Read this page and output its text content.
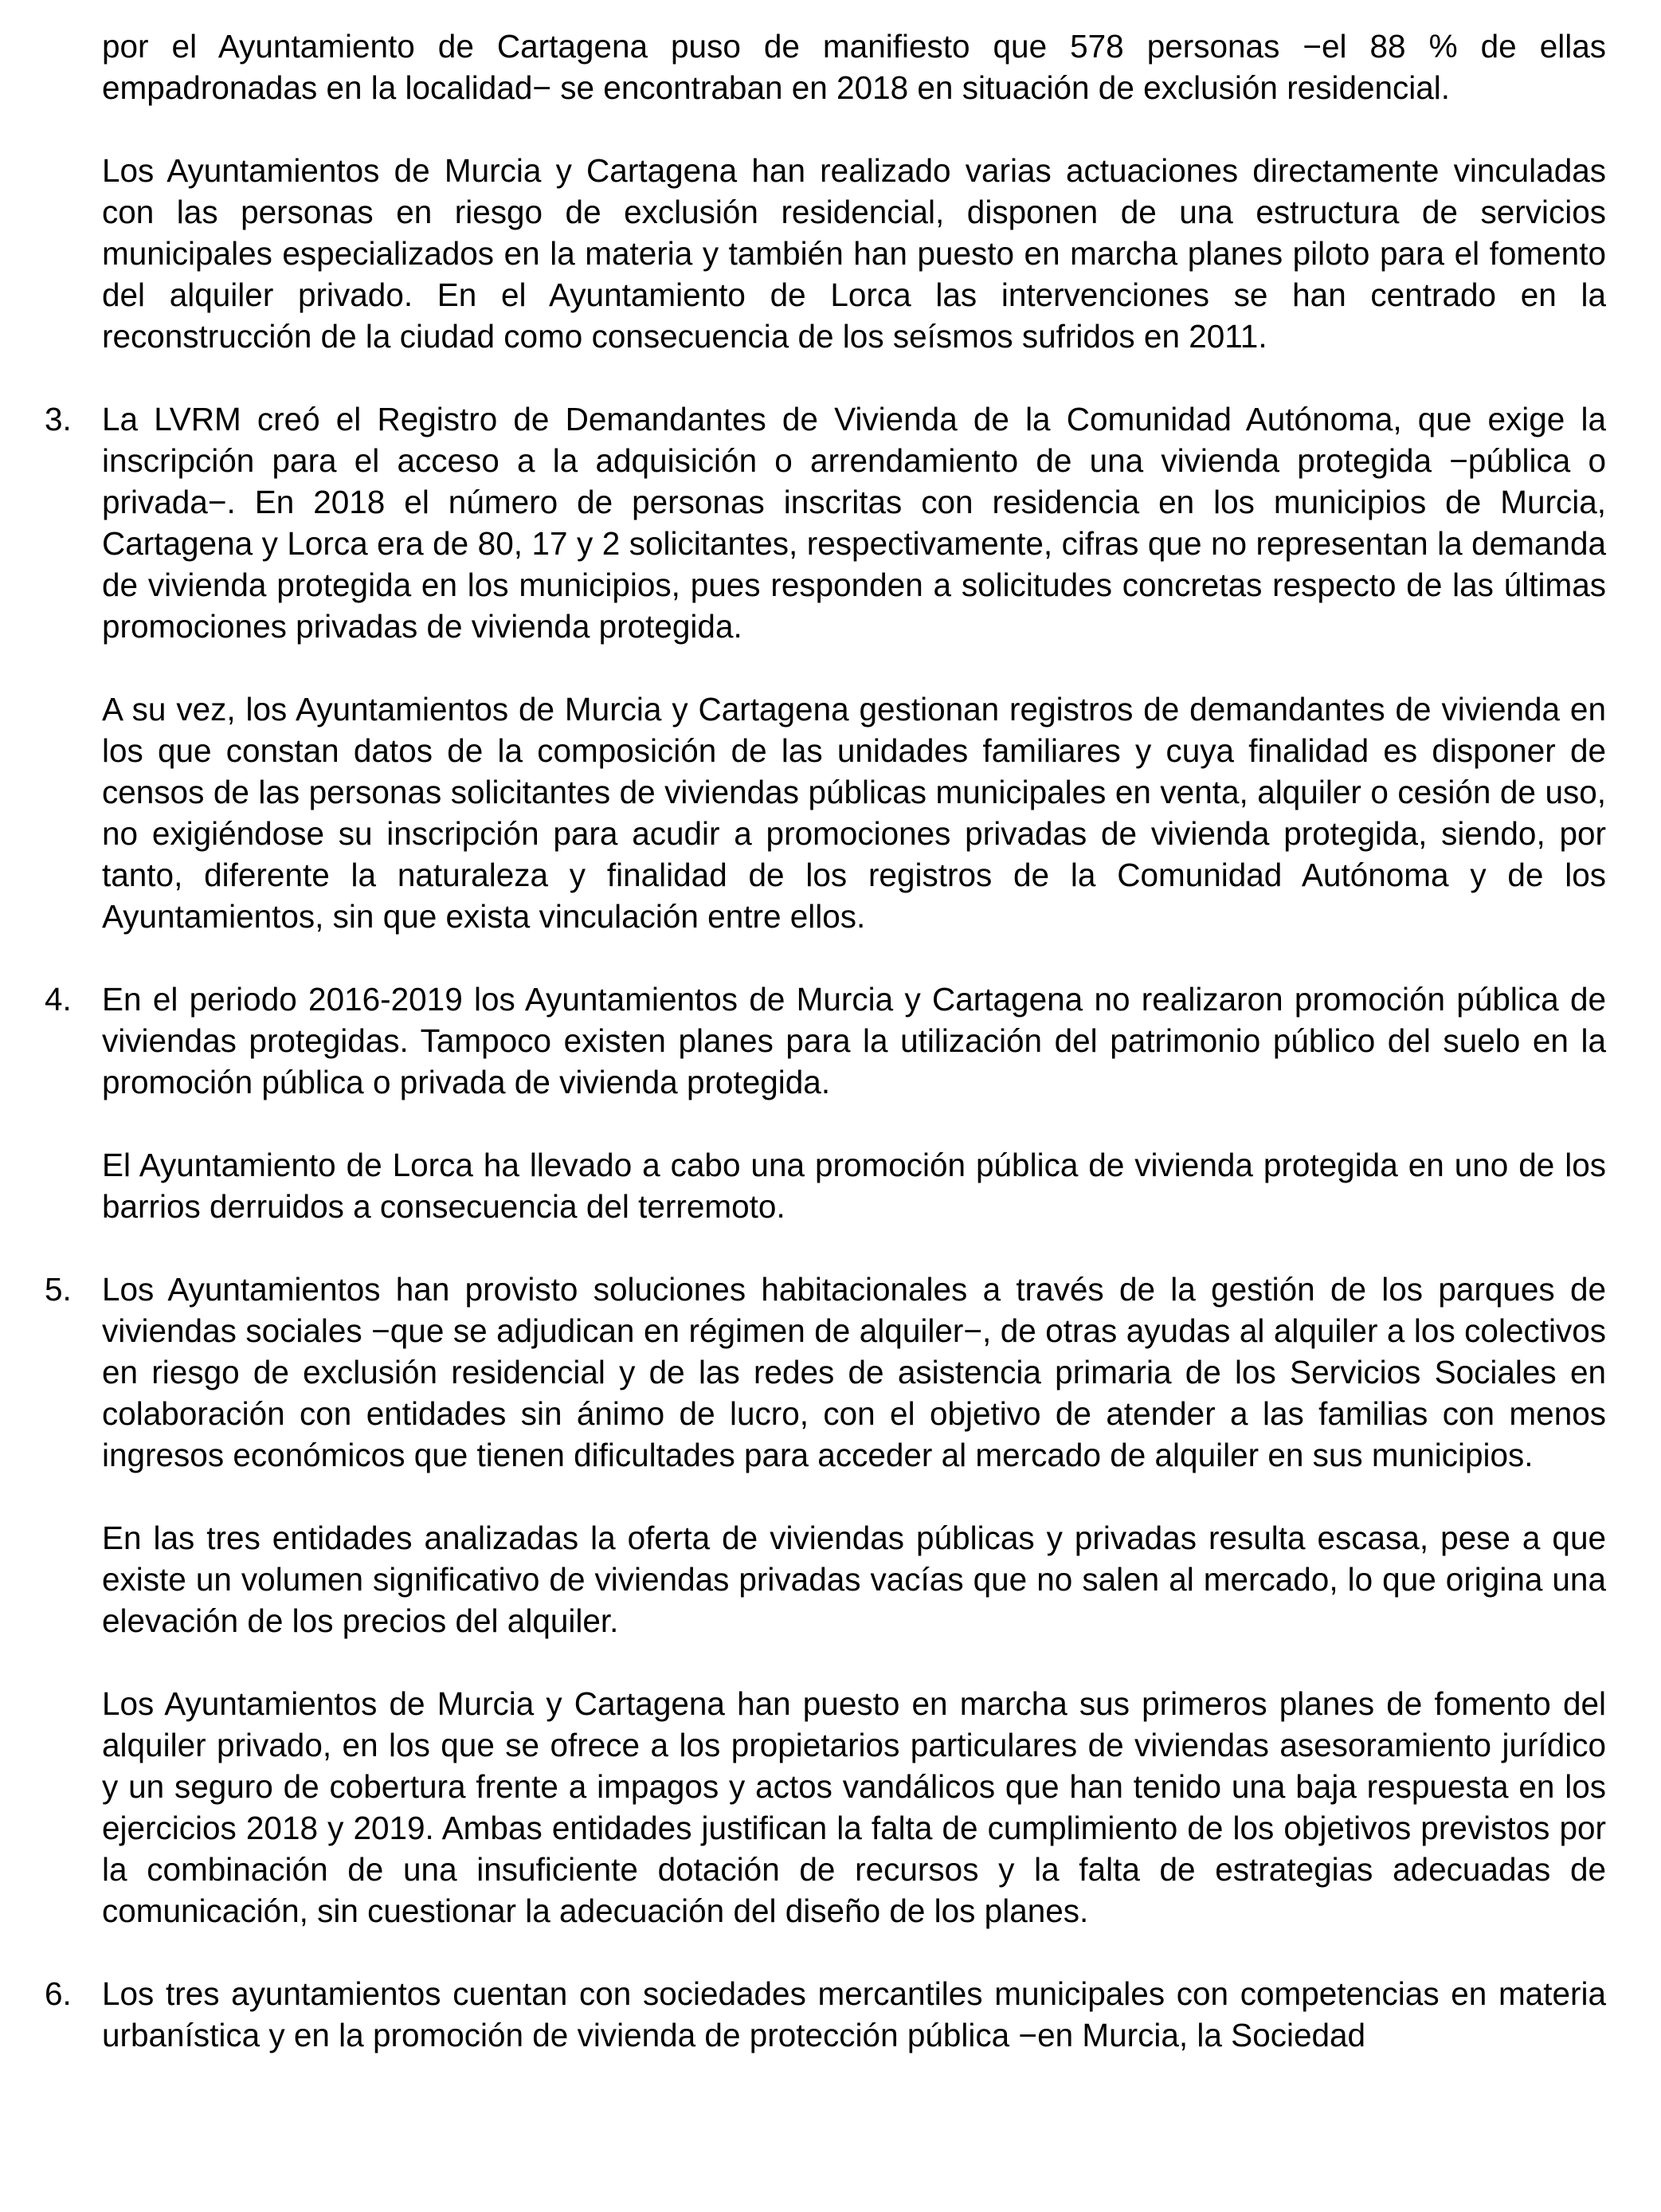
por el Ayuntamiento de Cartagena puso de manifiesto que 578 personas −el 88 % de ellas empadronadas en la localidad− se encontraban en 2018 en situación de exclusión residencial.

Los Ayuntamientos de Murcia y Cartagena han realizado varias actuaciones directamente vinculadas con las personas en riesgo de exclusión residencial, disponen de una estructura de servicios municipales especializados en la materia y también han puesto en marcha planes piloto para el fomento del alquiler privado. En el Ayuntamiento de Lorca las intervenciones se han centrado en la reconstrucción de la ciudad como consecuencia de los seísmos sufridos en 2011.

3. La LVRM creó el Registro de Demandantes de Vivienda de la Comunidad Autónoma, que exige la inscripción para el acceso a la adquisición o arrendamiento de una vivienda protegida −pública o privada−. En 2018 el número de personas inscritas con residencia en los municipios de Murcia, Cartagena y Lorca era de 80, 17 y 2 solicitantes, respectivamente, cifras que no representan la demanda de vivienda protegida en los municipios, pues responden a solicitudes concretas respecto de las últimas promociones privadas de vivienda protegida.

A su vez, los Ayuntamientos de Murcia y Cartagena gestionan registros de demandantes de vivienda en los que constan datos de la composición de las unidades familiares y cuya finalidad es disponer de censos de las personas solicitantes de viviendas públicas municipales en venta, alquiler o cesión de uso, no exigiéndose su inscripción para acudir a promociones privadas de vivienda protegida, siendo, por tanto, diferente la naturaleza y finalidad de los registros de la Comunidad Autónoma y de los Ayuntamientos, sin que exista vinculación entre ellos.

4. En el periodo 2016-2019 los Ayuntamientos de Murcia y Cartagena no realizaron promoción pública de viviendas protegidas. Tampoco existen planes para la utilización del patrimonio público del suelo en la promoción pública o privada de vivienda protegida.

El Ayuntamiento de Lorca ha llevado a cabo una promoción pública de vivienda protegida en uno de los barrios derruidos a consecuencia del terremoto.

5. Los Ayuntamientos han provisto soluciones habitacionales a través de la gestión de los parques de viviendas sociales −que se adjudican en régimen de alquiler−, de otras ayudas al alquiler a los colectivos en riesgo de exclusión residencial y de las redes de asistencia primaria de los Servicios Sociales en colaboración con entidades sin ánimo de lucro, con el objetivo de atender a las familias con menos ingresos económicos que tienen dificultades para acceder al mercado de alquiler en sus municipios.

En las tres entidades analizadas la oferta de viviendas públicas y privadas resulta escasa, pese a que existe un volumen significativo de viviendas privadas vacías que no salen al mercado, lo que origina una elevación de los precios del alquiler.

Los Ayuntamientos de Murcia y Cartagena han puesto en marcha sus primeros planes de fomento del alquiler privado, en los que se ofrece a los propietarios particulares de viviendas asesoramiento jurídico y un seguro de cobertura frente a impagos y actos vandálicos que han tenido una baja respuesta en los ejercicios 2018 y 2019. Ambas entidades justifican la falta de cumplimiento de los objetivos previstos por la combinación de una insuficiente dotación de recursos y la falta de estrategias adecuadas de comunicación, sin cuestionar la adecuación del diseño de los planes.

6. Los tres ayuntamientos cuentan con sociedades mercantiles municipales con competencias en materia urbanística y en la promoción de vivienda de protección pública −en Murcia, la Sociedad
